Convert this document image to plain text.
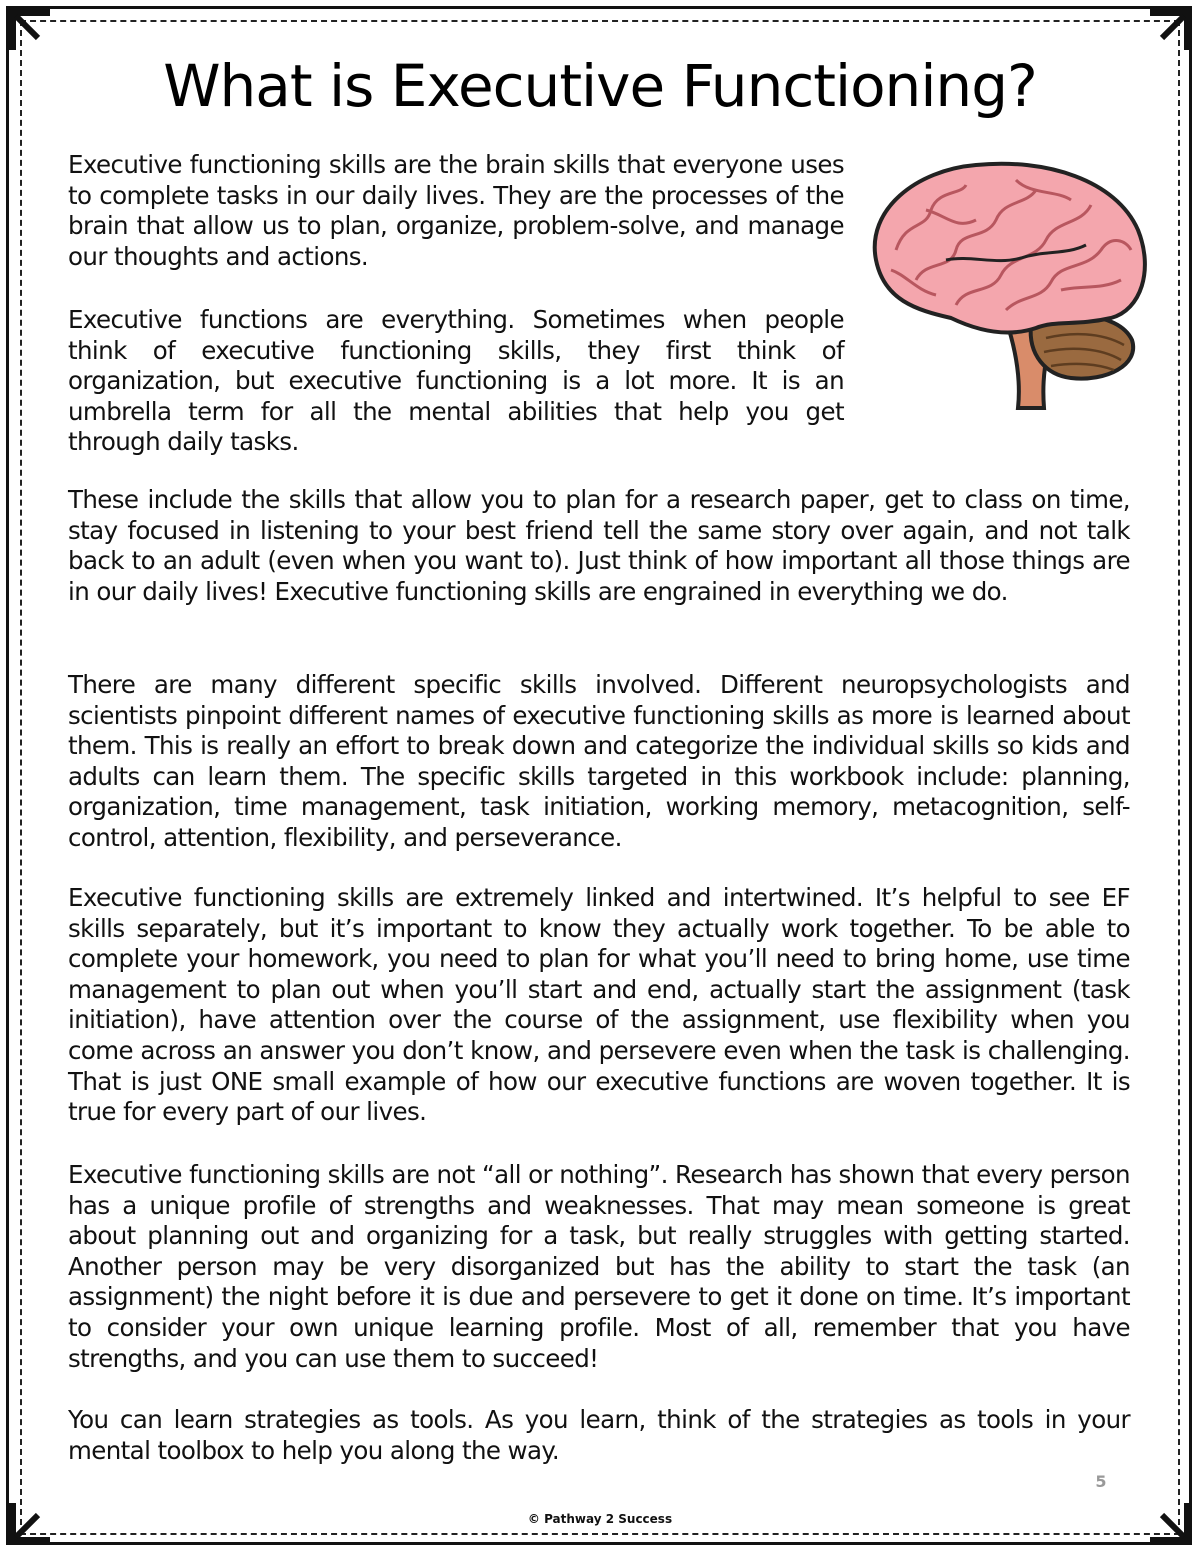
What is Executive Functioning?

Executive functioning skills are the brain skills that everyone uses to complete tasks in our daily lives. They are the processes of the brain that allow us to plan, organize, problem-solve, and manage our thoughts and actions.

Executive functions are everything. Sometimes when people think of executive functioning skills, they first think of organization, but executive functioning is a lot more. It is an umbrella term for all the mental abilities that help you get through daily tasks.

These include the skills that allow you to plan for a research paper, get to class on time, stay focused in listening to your best friend tell the same story over again, and not talk back to an adult (even when you want to). Just think of how important all those things are in our daily lives! Executive functioning skills are engrained in everything we do.

There are many different specific skills involved. Different neuropsychologists and scientists pinpoint different names of executive functioning skills as more is learned about them. This is really an effort to break down and categorize the individual skills so kids and adults can learn them. The specific skills targeted in this workbook include: planning, organization, time management, task initiation, working memory, metacognition, self-control, attention, flexibility, and perseverance.

Executive functioning skills are extremely linked and intertwined. It’s helpful to see EF skills separately, but it’s important to know they actually work together. To be able to complete your homework, you need to plan for what you’ll need to bring home, use time management to plan out when you’ll start and end, actually start the assignment (task initiation), have attention over the course of the assignment, use flexibility when you come across an answer you don’t know, and persevere even when the task is challenging. That is just ONE small example of how our executive functions are woven together. It is true for every part of our lives.

Executive functioning skills are not “all or nothing”. Research has shown that every person has a unique profile of strengths and weaknesses. That may mean someone is great about planning out and organizing for a task, but really struggles with getting started. Another person may be very disorganized but has the ability to start the task (an assignment) the night before it is due and persevere to get it done on time. It’s important to consider your own unique learning profile. Most of all, remember that you have strengths, and you can use them to succeed!

You can learn strategies as tools. As you learn, think of the strategies as tools in your mental toolbox to help you along the way.

5
© Pathway 2 Success
